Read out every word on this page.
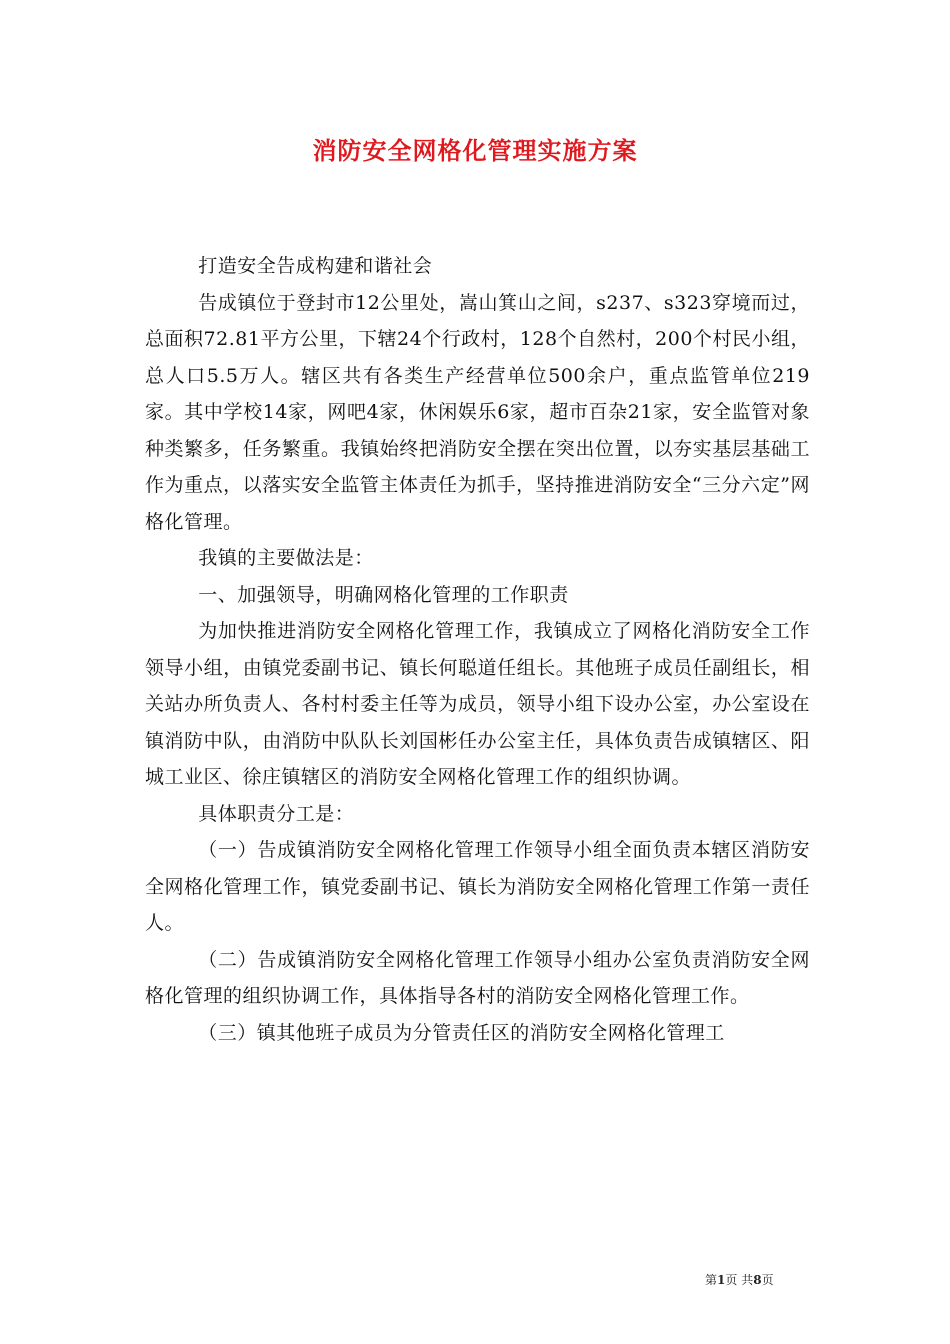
消防安全网格化管理实施方案

打造安全告成构建和谐社会

告成镇位于登封市12公里处，嵩山箕山之间，s237、s323穿境而过，总面积72.81平方公里，下辖24个行政村，128个自然村，200个村民小组，总人口5.5万人。辖区共有各类生产经营单位500余户，重点监管单位219家。其中学校14家，网吧4家，休闲娱乐6家，超市百杂21家，安全监管对象种类繁多，任务繁重。我镇始终把消防安全摆在突出位置，以夯实基层基础工作为重点，以落实安全监管主体责任为抓手，坚持推进消防安全“三分六定”网格化管理。

我镇的主要做法是：

一、加强领导，明确网格化管理的工作职责

为加快推进消防安全网格化管理工作，我镇成立了网格化消防安全工作领导小组，由镇党委副书记、镇长何聪道任组长。其他班子成员任副组长，相关站办所负责人、各村村委主任等为成员，领导小组下设办公室，办公室设在镇消防中队，由消防中队队长刘国彬任办公室主任，具体负责告成镇辖区、阳城工业区、徐庄镇辖区的消防安全网格化管理工作的组织协调。

具体职责分工是：

（一）告成镇消防安全网格化管理工作领导小组全面负责本辖区消防安全网格化管理工作，镇党委副书记、镇长为消防安全网格化管理工作第一责任人。

（二）告成镇消防安全网格化管理工作领导小组办公室负责消防安全网格化管理的组织协调工作，具体指导各村的消防安全网格化管理工作。

（三）镇其他班子成员为分管责任区的消防安全网格化管理工

第1页 共8页
